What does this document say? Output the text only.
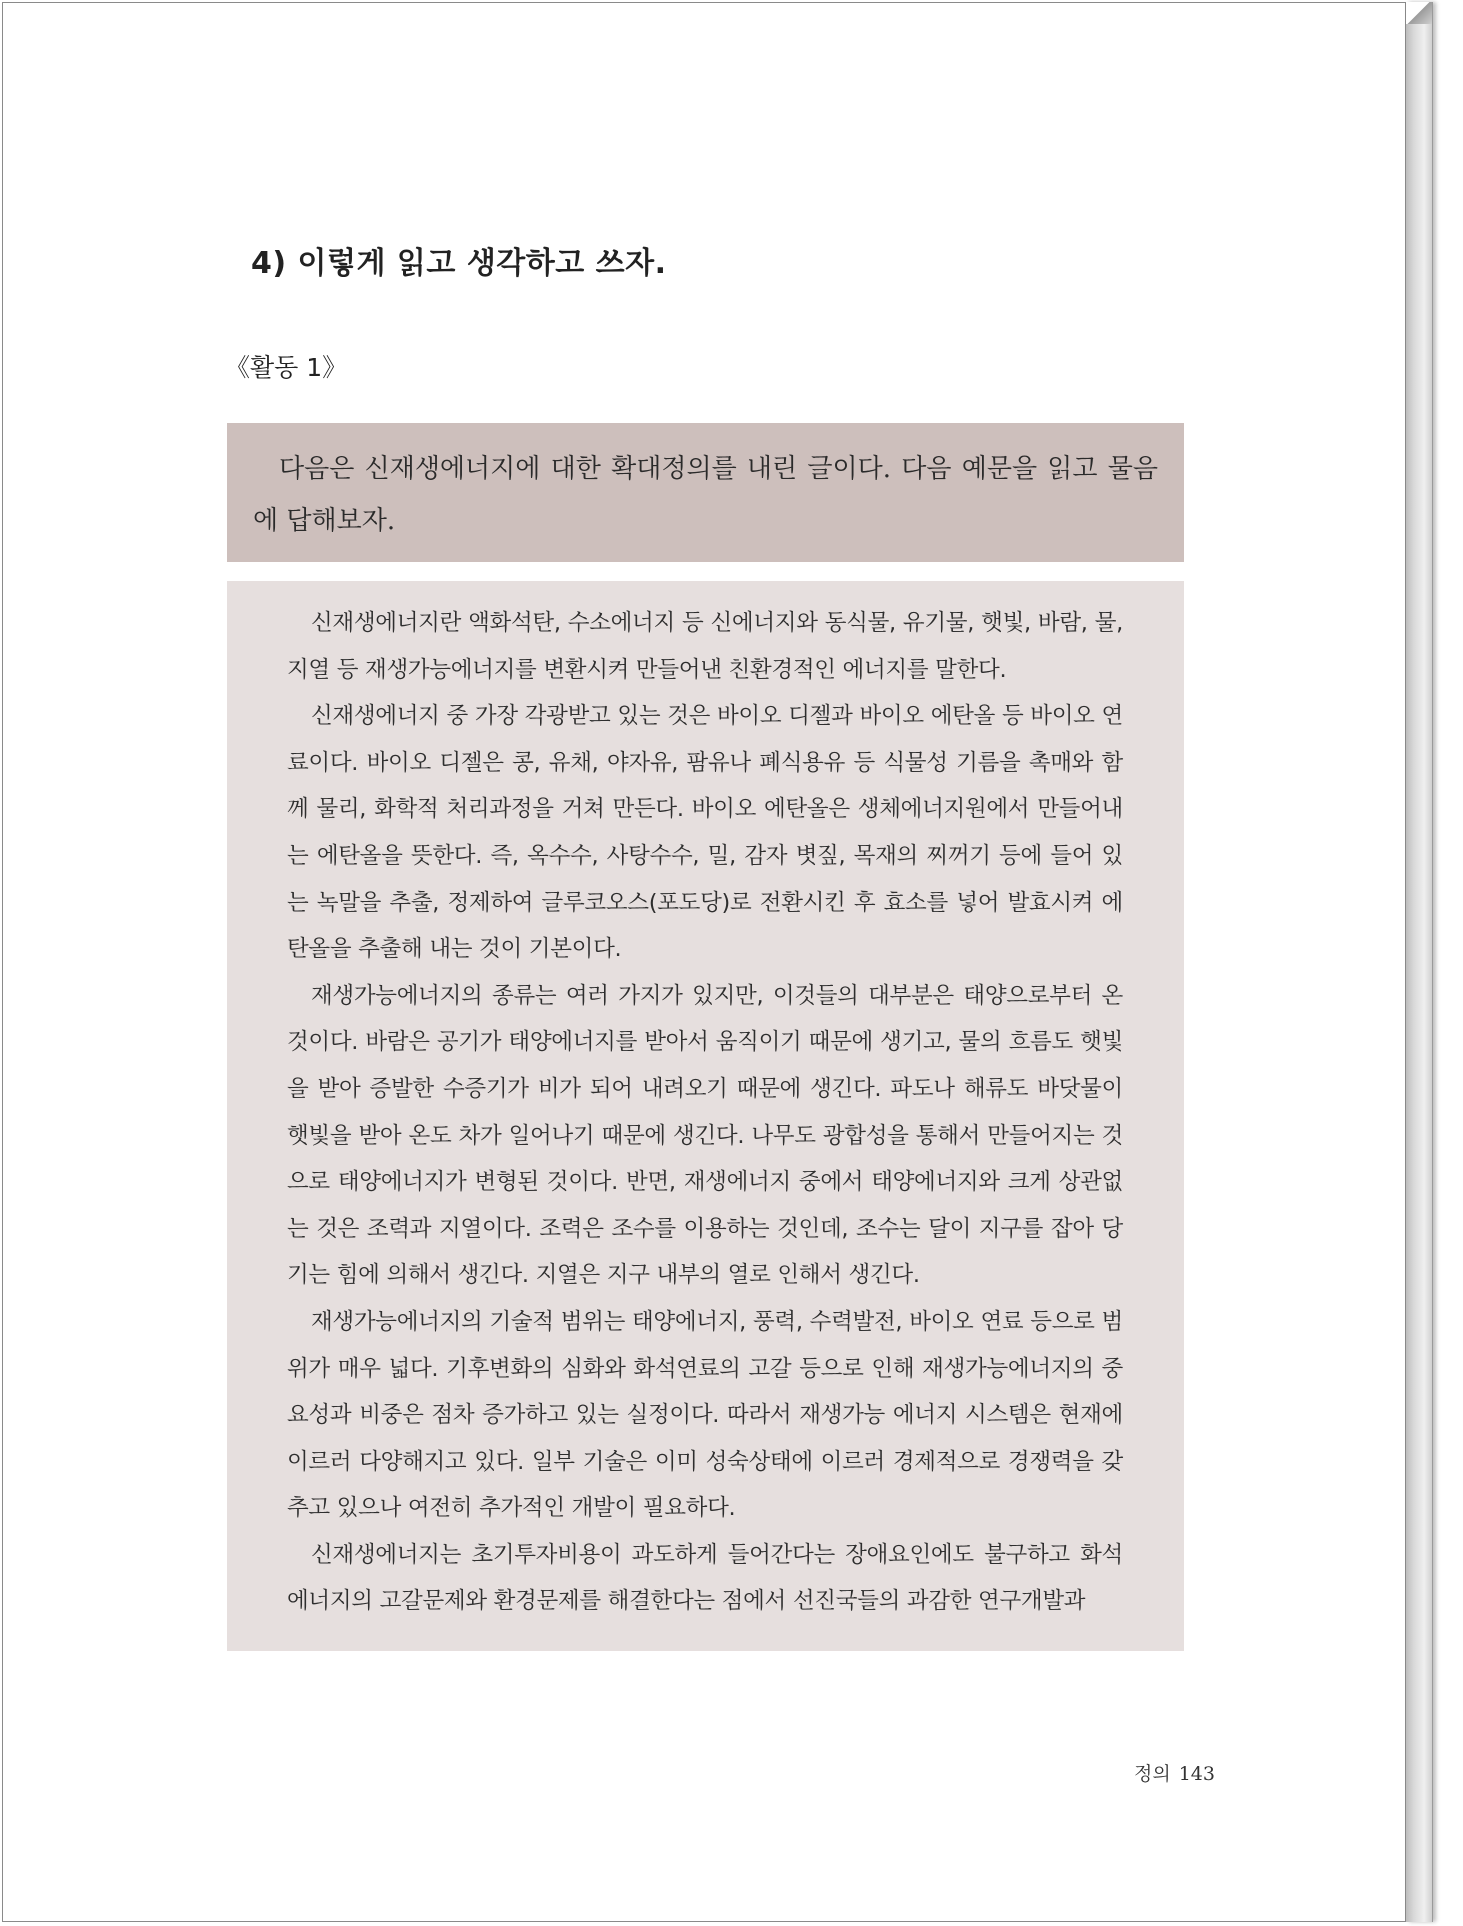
4) 이렇게 읽고 생각하고 쓰자.
《활동 1》

다음은 신재생에너지에 대한 확대정의를 내린 글이다. 다음 예문을 읽고 물음에 답해보자.

신재생에너지란 액화석탄, 수소에너지 등 신에너지와 동식물, 유기물, 햇빛, 바람, 물, 지열 등 재생가능에너지를 변환시켜 만들어낸 친환경적인 에너지를 말한다.

신재생에너지 중 가장 각광받고 있는 것은 바이오 디젤과 바이오 에탄올 등 바이오 연료이다. 바이오 디젤은 콩, 유채, 야자유, 팜유나 폐식용유 등 식물성 기름을 촉매와 함께 물리, 화학적 처리과정을 거쳐 만든다. 바이오 에탄올은 생체에너지원에서 만들어내는 에탄올을 뜻한다. 즉, 옥수수, 사탕수수, 밀, 감자 볏짚, 목재의 찌꺼기 등에 들어 있는 녹말을 추출, 정제하여 글루코오스(포도당)로 전환시킨 후 효소를 넣어 발효시켜 에탄올을 추출해 내는 것이 기본이다.

재생가능에너지의 종류는 여러 가지가 있지만, 이것들의 대부분은 태양으로부터 온 것이다. 바람은 공기가 태양에너지를 받아서 움직이기 때문에 생기고, 물의 흐름도 햇빛을 받아 증발한 수증기가 비가 되어 내려오기 때문에 생긴다. 파도나 해류도 바닷물이 햇빛을 받아 온도 차가 일어나기 때문에 생긴다. 나무도 광합성을 통해서 만들어지는 것으로 태양에너지가 변형된 것이다. 반면, 재생에너지 중에서 태양에너지와 크게 상관없는 것은 조력과 지열이다. 조력은 조수를 이용하는 것인데, 조수는 달이 지구를 잡아 당기는 힘에 의해서 생긴다. 지열은 지구 내부의 열로 인해서 생긴다.

재생가능에너지의 기술적 범위는 태양에너지, 풍력, 수력발전, 바이오 연료 등으로 범위가 매우 넓다. 기후변화의 심화와 화석연료의 고갈 등으로 인해 재생가능에너지의 중요성과 비중은 점차 증가하고 있는 실정이다. 따라서 재생가능 에너지 시스템은 현재에 이르러 다양해지고 있다. 일부 기술은 이미 성숙상태에 이르러 경제적으로 경쟁력을 갖추고 있으나 여전히 추가적인 개발이 필요하다.

신재생에너지는 초기투자비용이 과도하게 들어간다는 장애요인에도 불구하고 화석에너지의 고갈문제와 환경문제를 해결한다는 점에서 선진국들의 과감한 연구개발과

정의 143
